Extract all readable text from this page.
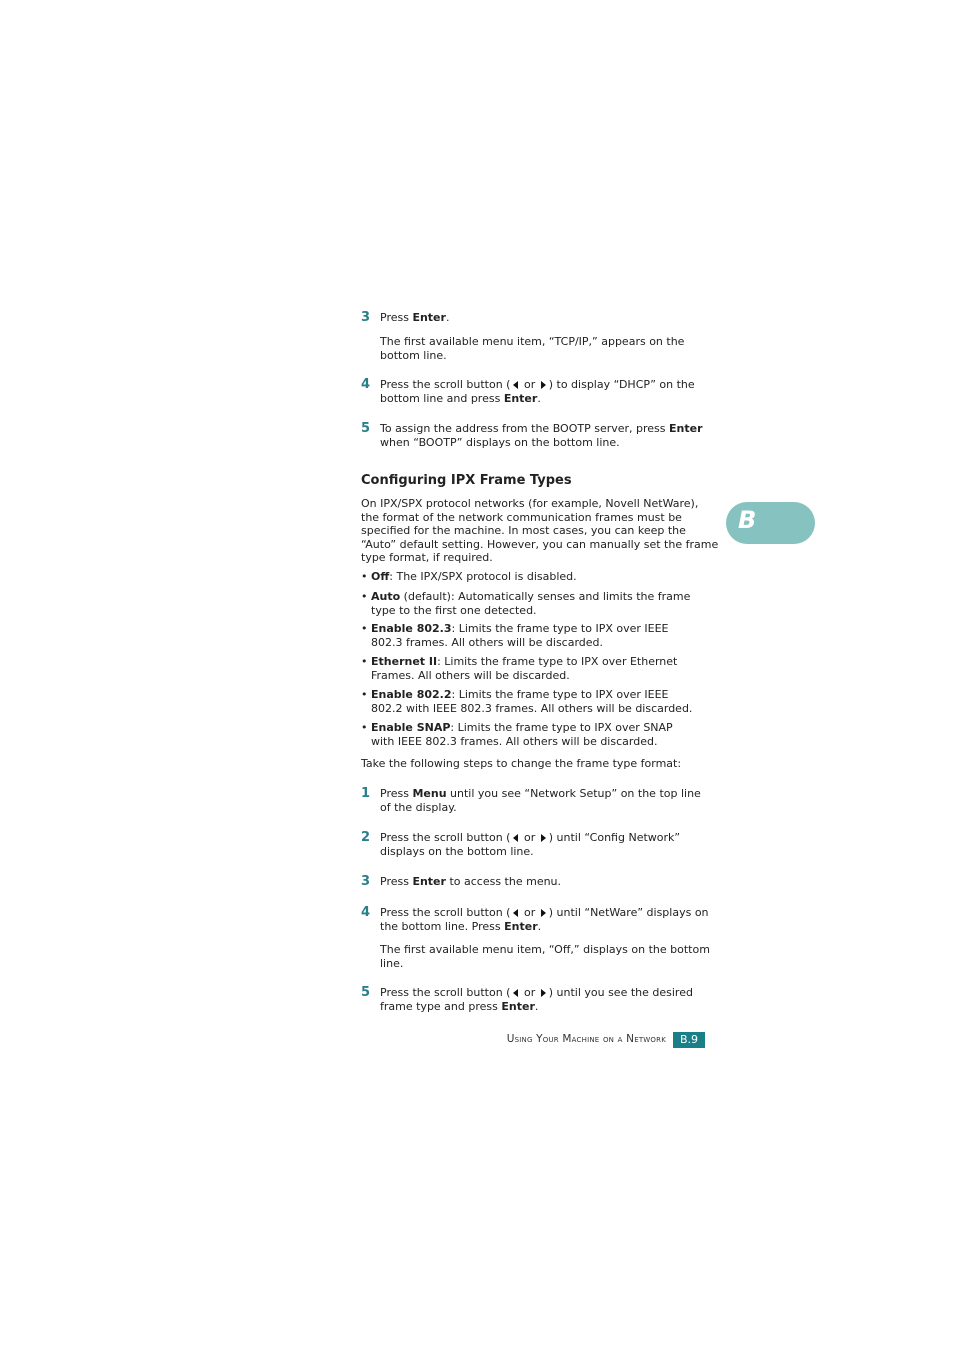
3 Press Enter.
The first available menu item, “TCP/IP,” appears on the
bottom line.
4 Press the scroll button ( or ) to display “DHCP” on the
bottom line and press Enter.
5 To assign the address from the BOOTP server, press Enter
when “BOOTP” displays on the bottom line.
Configuring IPX Frame Types
On IPX/SPX protocol networks (for example, Novell NetWare),
the format of the network communication frames must be
specified for the machine. In most cases, you can keep the
“Auto” default setting. However, you can manually set the frame
type format, if required.
• Off: The IPX/SPX protocol is disabled.
• Auto (default): Automatically senses and limits the frame
type to the first one detected.
• Enable 802.3: Limits the frame type to IPX over IEEE
802.3 frames. All others will be discarded.
• Ethernet II: Limits the frame type to IPX over Ethernet
Frames. All others will be discarded.
• Enable 802.2: Limits the frame type to IPX over IEEE
802.2 with IEEE 802.3 frames. All others will be discarded.
• Enable SNAP: Limits the frame type to IPX over SNAP
with IEEE 802.3 frames. All others will be discarded.
Take the following steps to change the frame type format:
1 Press Menu until you see “Network Setup” on the top line
of the display.
2 Press the scroll button ( or ) until “Config Network”
displays on the bottom line.
3 Press Enter to access the menu.
4 Press the scroll button ( or ) until “NetWare” displays on
the bottom line. Press Enter.
The first available menu item, “Off,” displays on the bottom
line.
5 Press the scroll button ( or ) until you see the desired
frame type and press Enter.
B
Using Your Machine on a Network	B.9
